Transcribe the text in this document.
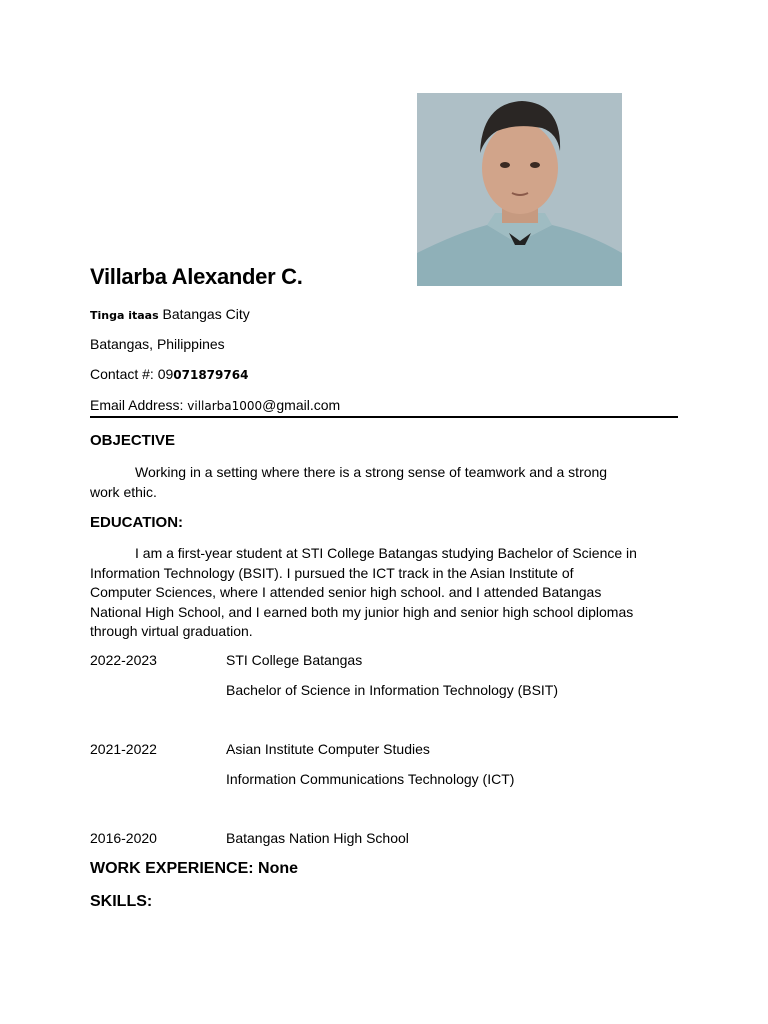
Villarba Alexander C.
Tinga itaas Batangas City
Batangas, Philippines
Contact #: 09071879764
Email Address: villarba1000@gmail.com
OBJECTIVE
Working in a setting where there is a strong sense of teamwork and a strong
work ethic.
EDUCATION:
I am a first-year student at STI College Batangas studying Bachelor of Science in
Information Technology (BSIT). I pursued the ICT track in the Asian Institute of
Computer Sciences, where I attended senior high school. and I attended Batangas
National High School, and I earned both my junior high and senior high school diplomas
through virtual graduation.
2022-2023	STI College Batangas
Bachelor of Science in Information Technology (BSIT)
2021-2022	Asian Institute Computer Studies
Information Communications Technology (ICT)
2016-2020	Batangas Nation High School
WORK EXPERIENCE: None
SKILLS:
